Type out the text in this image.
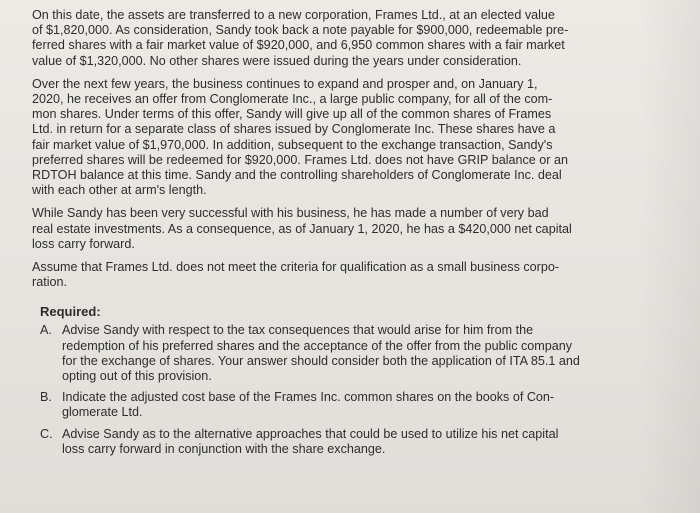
On this date, the assets are transferred to a new corporation, Frames Ltd., at an elected value
of $1,820,000. As consideration, Sandy took back a note payable for $900,000, redeemable pre-
ferred shares with a fair market value of $920,000, and 6,950 common shares with a fair market
value of $1,320,000. No other shares were issued during the years under consideration.

Over the next few years, the business continues to expand and prosper and, on January 1,
2020, he receives an offer from Conglomerate Inc., a large public company, for all of the com-
mon shares. Under terms of this offer, Sandy will give up all of the common shares of Frames
Ltd. in return for a separate class of shares issued by Conglomerate Inc. These shares have a
fair market value of $1,970,000. In addition, subsequent to the exchange transaction, Sandy's
preferred shares will be redeemed for $920,000. Frames Ltd. does not have GRIP balance or an
RDTOH balance at this time. Sandy and the controlling shareholders of Conglomerate Inc. deal
with each other at arm's length.

While Sandy has been very successful with his business, he has made a number of very bad
real estate investments. As a consequence, as of January 1, 2020, he has a $420,000 net capital
loss carry forward.

Assume that Frames Ltd. does not meet the criteria for qualification as a small business corpo-
ration.

Required:
A. Advise Sandy with respect to the tax consequences that would arise for him from the
redemption of his preferred shares and the acceptance of the offer from the public company
for the exchange of shares. Your answer should consider both the application of ITA 85.1 and
opting out of this provision.
B. Indicate the adjusted cost base of the Frames Inc. common shares on the books of Con-
glomerate Ltd.
C. Advise Sandy as to the alternative approaches that could be used to utilize his net capital
loss carry forward in conjunction with the share exchange.
